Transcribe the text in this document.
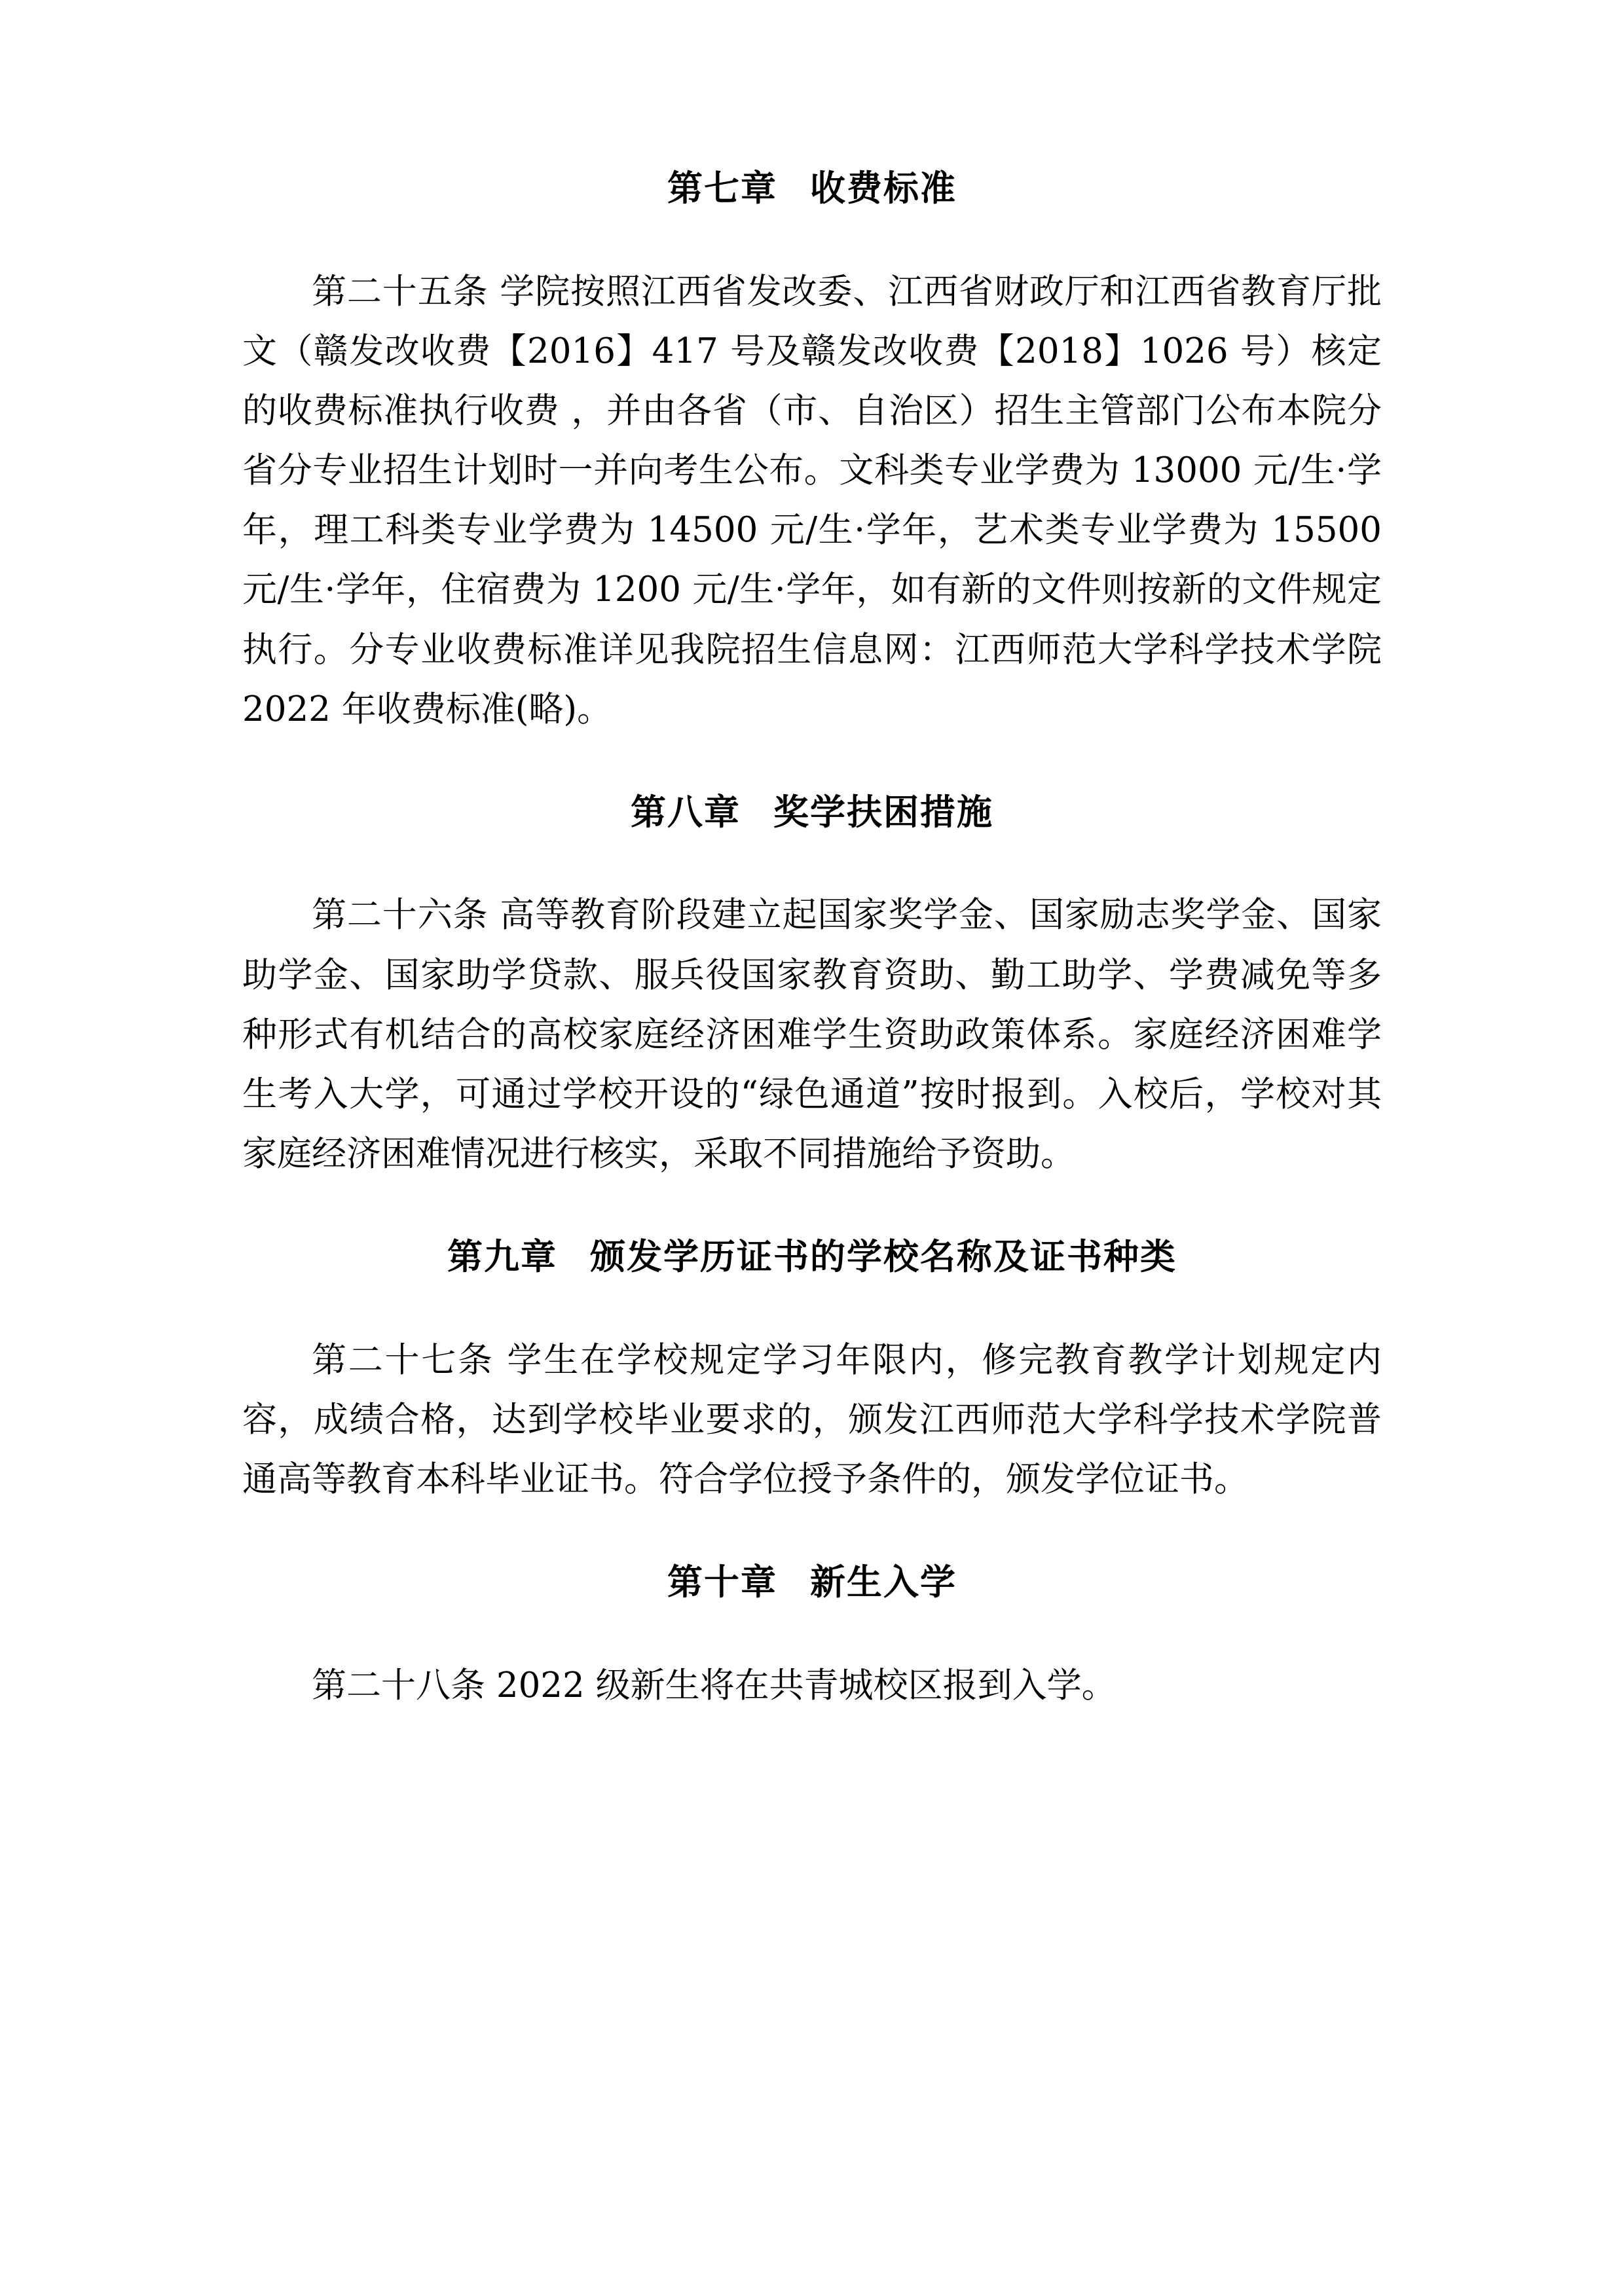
第七章 收费标准

第二十五条 学院按照江西省发改委、江西省财政厅和江西省教育厅批文（赣发改收费【2016】417 号及赣发改收费【2018】1026 号）核定的收费标准执行收费 ，并由各省（市、自治区）招生主管部门公布本院分省分专业招生计划时一并向考生公布。文科类专业学费为 13000 元/生·学年，理工科类专业学费为 14500 元/生·学年，艺术类专业学费为 15500 元/生·学年，住宿费为 1200 元/生·学年，如有新的文件则按新的文件规定执行。分专业收费标准详见我院招生信息网：江西师范大学科学技术学院 2022 年收费标准(略)。

第八章 奖学扶困措施

第二十六条 高等教育阶段建立起国家奖学金、国家励志奖学金、国家助学金、国家助学贷款、服兵役国家教育资助、勤工助学、学费减免等多种形式有机结合的高校家庭经济困难学生资助政策体系。家庭经济困难学生考入大学，可通过学校开设的“绿色通道”按时报到。入校后，学校对其家庭经济困难情况进行核实，采取不同措施给予资助。

第九章 颁发学历证书的学校名称及证书种类

第二十七条 学生在学校规定学习年限内，修完教育教学计划规定内容，成绩合格，达到学校毕业要求的，颁发江西师范大学科学技术学院普通高等教育本科毕业证书。符合学位授予条件的，颁发学位证书。

第十章 新生入学

第二十八条 2022 级新生将在共青城校区报到入学。
